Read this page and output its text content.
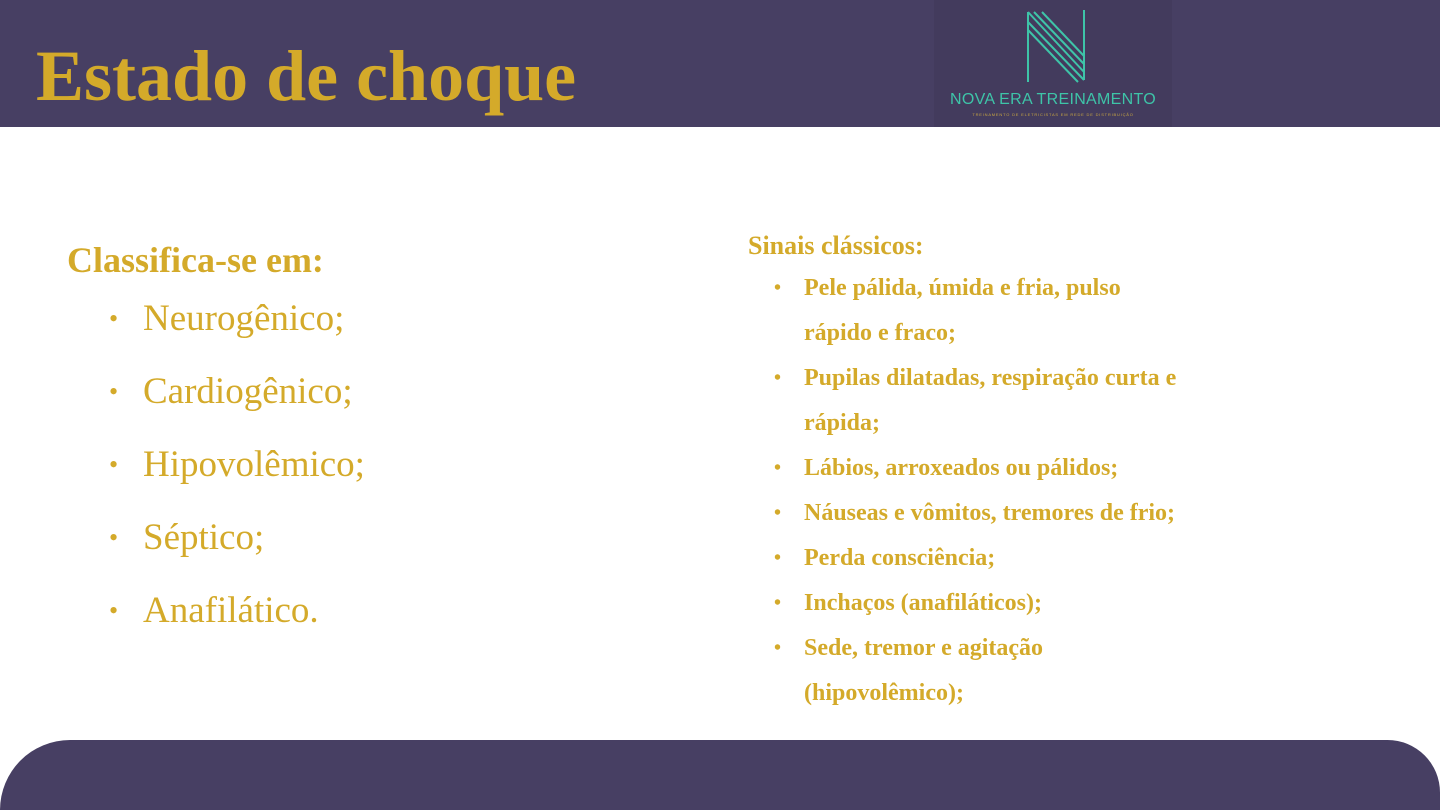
Estado de choque	NOVA ERA TREINAMENTO
TREINAMENTO DE ELETRICISTAS EM REDE DE DISTRIBUIÇÃO
Classifica-se em:
• Neurogênico;
• Cardiogênico;
• Hipovolêmico;
• Séptico;
• Anafilático.
Sinais clássicos:
• Pele pálida, úmida e fria, pulso
rápido e fraco;
• Pupilas dilatadas, respiração curta e
rápida;
• Lábios, arroxeados ou pálidos;
• Náuseas e vômitos, tremores de frio;
• Perda consciência;
• Inchaços (anafiláticos);
• Sede, tremor e agitação
(hipovolêmico);
